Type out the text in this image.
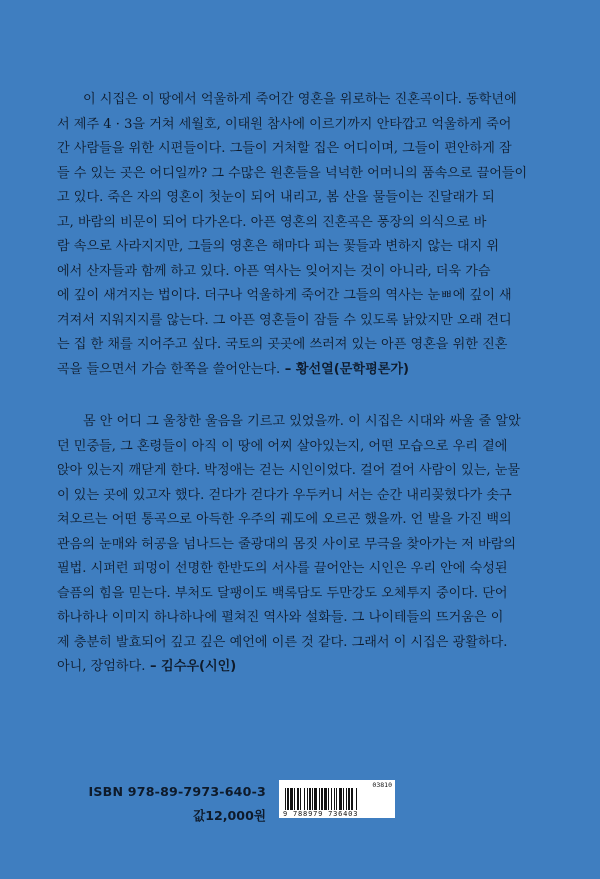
이 시집은 이 땅에서 억울하게 죽어간 영혼을 위로하는 진혼곡이다. 동학년에
서 제주 4 · 3을 거쳐 세월호, 이태원 참사에 이르기까지 안타깝고 억울하게 죽어
간 사람들을 위한 시편들이다. 그들이 거처할 집은 어디이며, 그들이 편안하게 잠
들 수 있는 곳은 어디일까? 그 수많은 원혼들을 넉넉한 어머니의 품속으로 끌어들이
고 있다. 죽은 자의 영혼이 첫눈이 되어 내리고, 봄 산을 물들이는 진달래가 되
고, 바람의 비문이 되어 다가온다. 아픈 영혼의 진혼곡은 풍장의 의식으로 바
람 속으로 사라지지만, 그들의 영혼은 해마다 피는 꽃들과 변하지 않는 대지 위
에서 산자들과 함께 하고 있다. 아픈 역사는 잊어지는 것이 아니라, 더욱 가슴
에 깊이 새겨지는 법이다. 더구나 억울하게 죽어간 그들의 역사는 눈ㅃ에 깊이 새
겨져서 지워지지를 않는다. 그 아픈 영혼들이 잠들 수 있도록 낡았지만 오래 견디
는 집 한 채를 지어주고 싶다. 국토의 곳곳에 쓰러져 있는 아픈 영혼을 위한 진혼
곡을 들으면서 가슴 한쪽을 쓸어안는다. – 황선열(문학평론가)
몸 안 어디 그 울창한 울음을 기르고 있었을까. 이 시집은 시대와 싸울 줄 알았
던 민중들, 그 혼령들이 아직 이 땅에 어찌 살아있는지, 어떤 모습으로 우리 곁에
앉아 있는지 깨닫게 한다. 박정애는 걷는 시인이었다. 걸어 걸어 사람이 있는, 눈물
이 있는 곳에 있고자 했다. 걷다가 걷다가 우두커니 서는 순간 내리꽂혔다가 솟구
쳐오르는 어떤 통곡으로 아득한 우주의 궤도에 오르곤 했을까. 언 발을 가진 백의
관음의 눈매와 허공을 넘나드는 줄광대의 몸짓 사이로 무극을 찾아가는 저 바람의
필법. 시퍼런 피멍이 선명한 한반도의 서사를 끌어안는 시인은 우리 안에 숙성된
슬픔의 힘을 믿는다. 부처도 달팽이도 백록담도 두만강도 오체투지 중이다. 단어
하나하나 이미지 하나하나에 펼쳐진 역사와 설화들. 그 나이테들의 뜨거움은 이
제 충분히 발효되어 깊고 깊은 예언에 이른 것 같다. 그래서 이 시집은 광활하다.
아니, 장엄하다. – 김수우(시인)
ISBN 978-89-7973-640-3
값12,000원
03810
9 788979 736403
